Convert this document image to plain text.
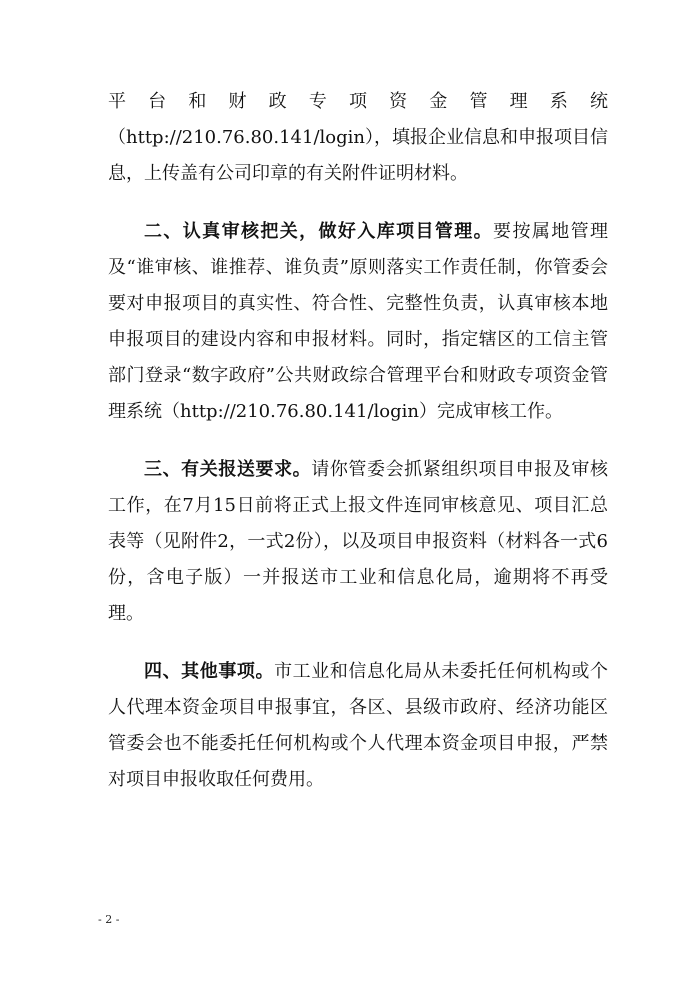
平台和财政专项资金管理系统（http://210.76.80.141/login），填报企业信息和申报项目信息，上传盖有公司印章的有关附件证明材料。

二、认真审核把关，做好入库项目管理。要按属地管理及“谁审核、谁推荐、谁负责”原则落实工作责任制，你管委会要对申报项目的真实性、符合性、完整性负责，认真审核本地申报项目的建设内容和申报材料。同时，指定辖区的工信主管部门登录“数字政府”公共财政综合管理平台和财政专项资金管理系统（http://210.76.80.141/login）完成审核工作。

三、有关报送要求。请你管委会抓紧组织项目申报及审核工作，在7月15日前将正式上报文件连同审核意见、项目汇总表等（见附件2，一式2份），以及项目申报资料（材料各一式6份，含电子版）一并报送市工业和信息化局，逾期将不再受理。

四、其他事项。市工业和信息化局从未委托任何机构或个人代理本资金项目申报事宜，各区、县级市政府、经济功能区管委会也不能委托任何机构或个人代理本资金项目申报，严禁对项目申报收取任何费用。

- 2 -
